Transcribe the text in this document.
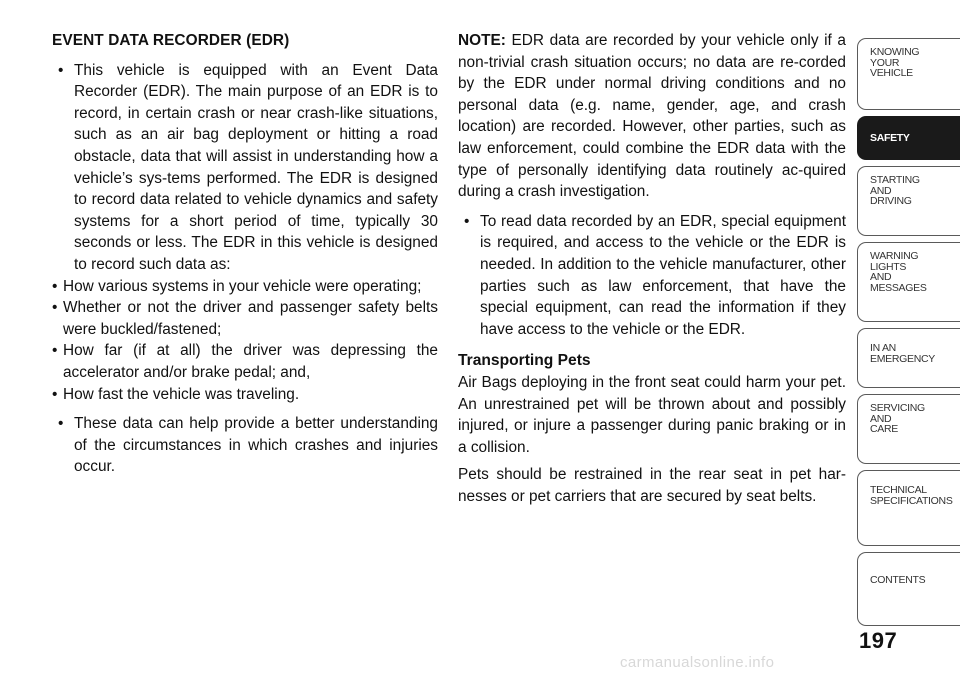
EVENT DATA RECORDER (EDR)

• This vehicle is equipped with an Event Data Recorder (EDR). The main purpose of an EDR is to record, in certain crash or near crash-like situations, such as an air bag deployment or hitting a road obstacle, data that will assist in understanding how a vehicle’s sys-tems performed. The EDR is designed to record data related to vehicle dynamics and safety systems for a short period of time, typically 30 seconds or less. The EDR in this vehicle is designed to record such data as:

• How various systems in your vehicle were operating;

• Whether or not the driver and passenger safety belts were buckled/fastened;

• How far (if at all) the driver was depressing the accelerator and/or brake pedal; and,

• How fast the vehicle was traveling.

• These data can help provide a better understanding of the circumstances in which crashes and injuries occur.

NOTE: EDR data are recorded by your vehicle only if a non-trivial crash situation occurs; no data are re-corded by the EDR under normal driving conditions and no personal data (e.g. name, gender, age, and crash location) are recorded. However, other parties, such as law enforcement, could combine the EDR data with the type of personally identifying data routinely ac-quired during a crash investigation.

• To read data recorded by an EDR, special equipment is required, and access to the vehicle or the EDR is needed. In addition to the vehicle manufacturer, other parties such as law enforcement, that have the special equipment, can read the information if they have access to the vehicle or the EDR.

Transporting Pets

Air Bags deploying in the front seat could harm your pet. An unrestrained pet will be thrown about and possibly injured, or injure a passenger during panic braking or in a collision.

Pets should be restrained in the rear seat in pet har-nesses or pet carriers that are secured by seat belts.

KNOWING
YOUR
VEHICLE
SAFETY
STARTING
AND
DRIVING
WARNING
LIGHTS
AND
MESSAGES
IN AN
EMERGENCY
SERVICING
AND
CARE
TECHNICAL
SPECIFICATIONS
CONTENTS
197
carmanualsonline.info
